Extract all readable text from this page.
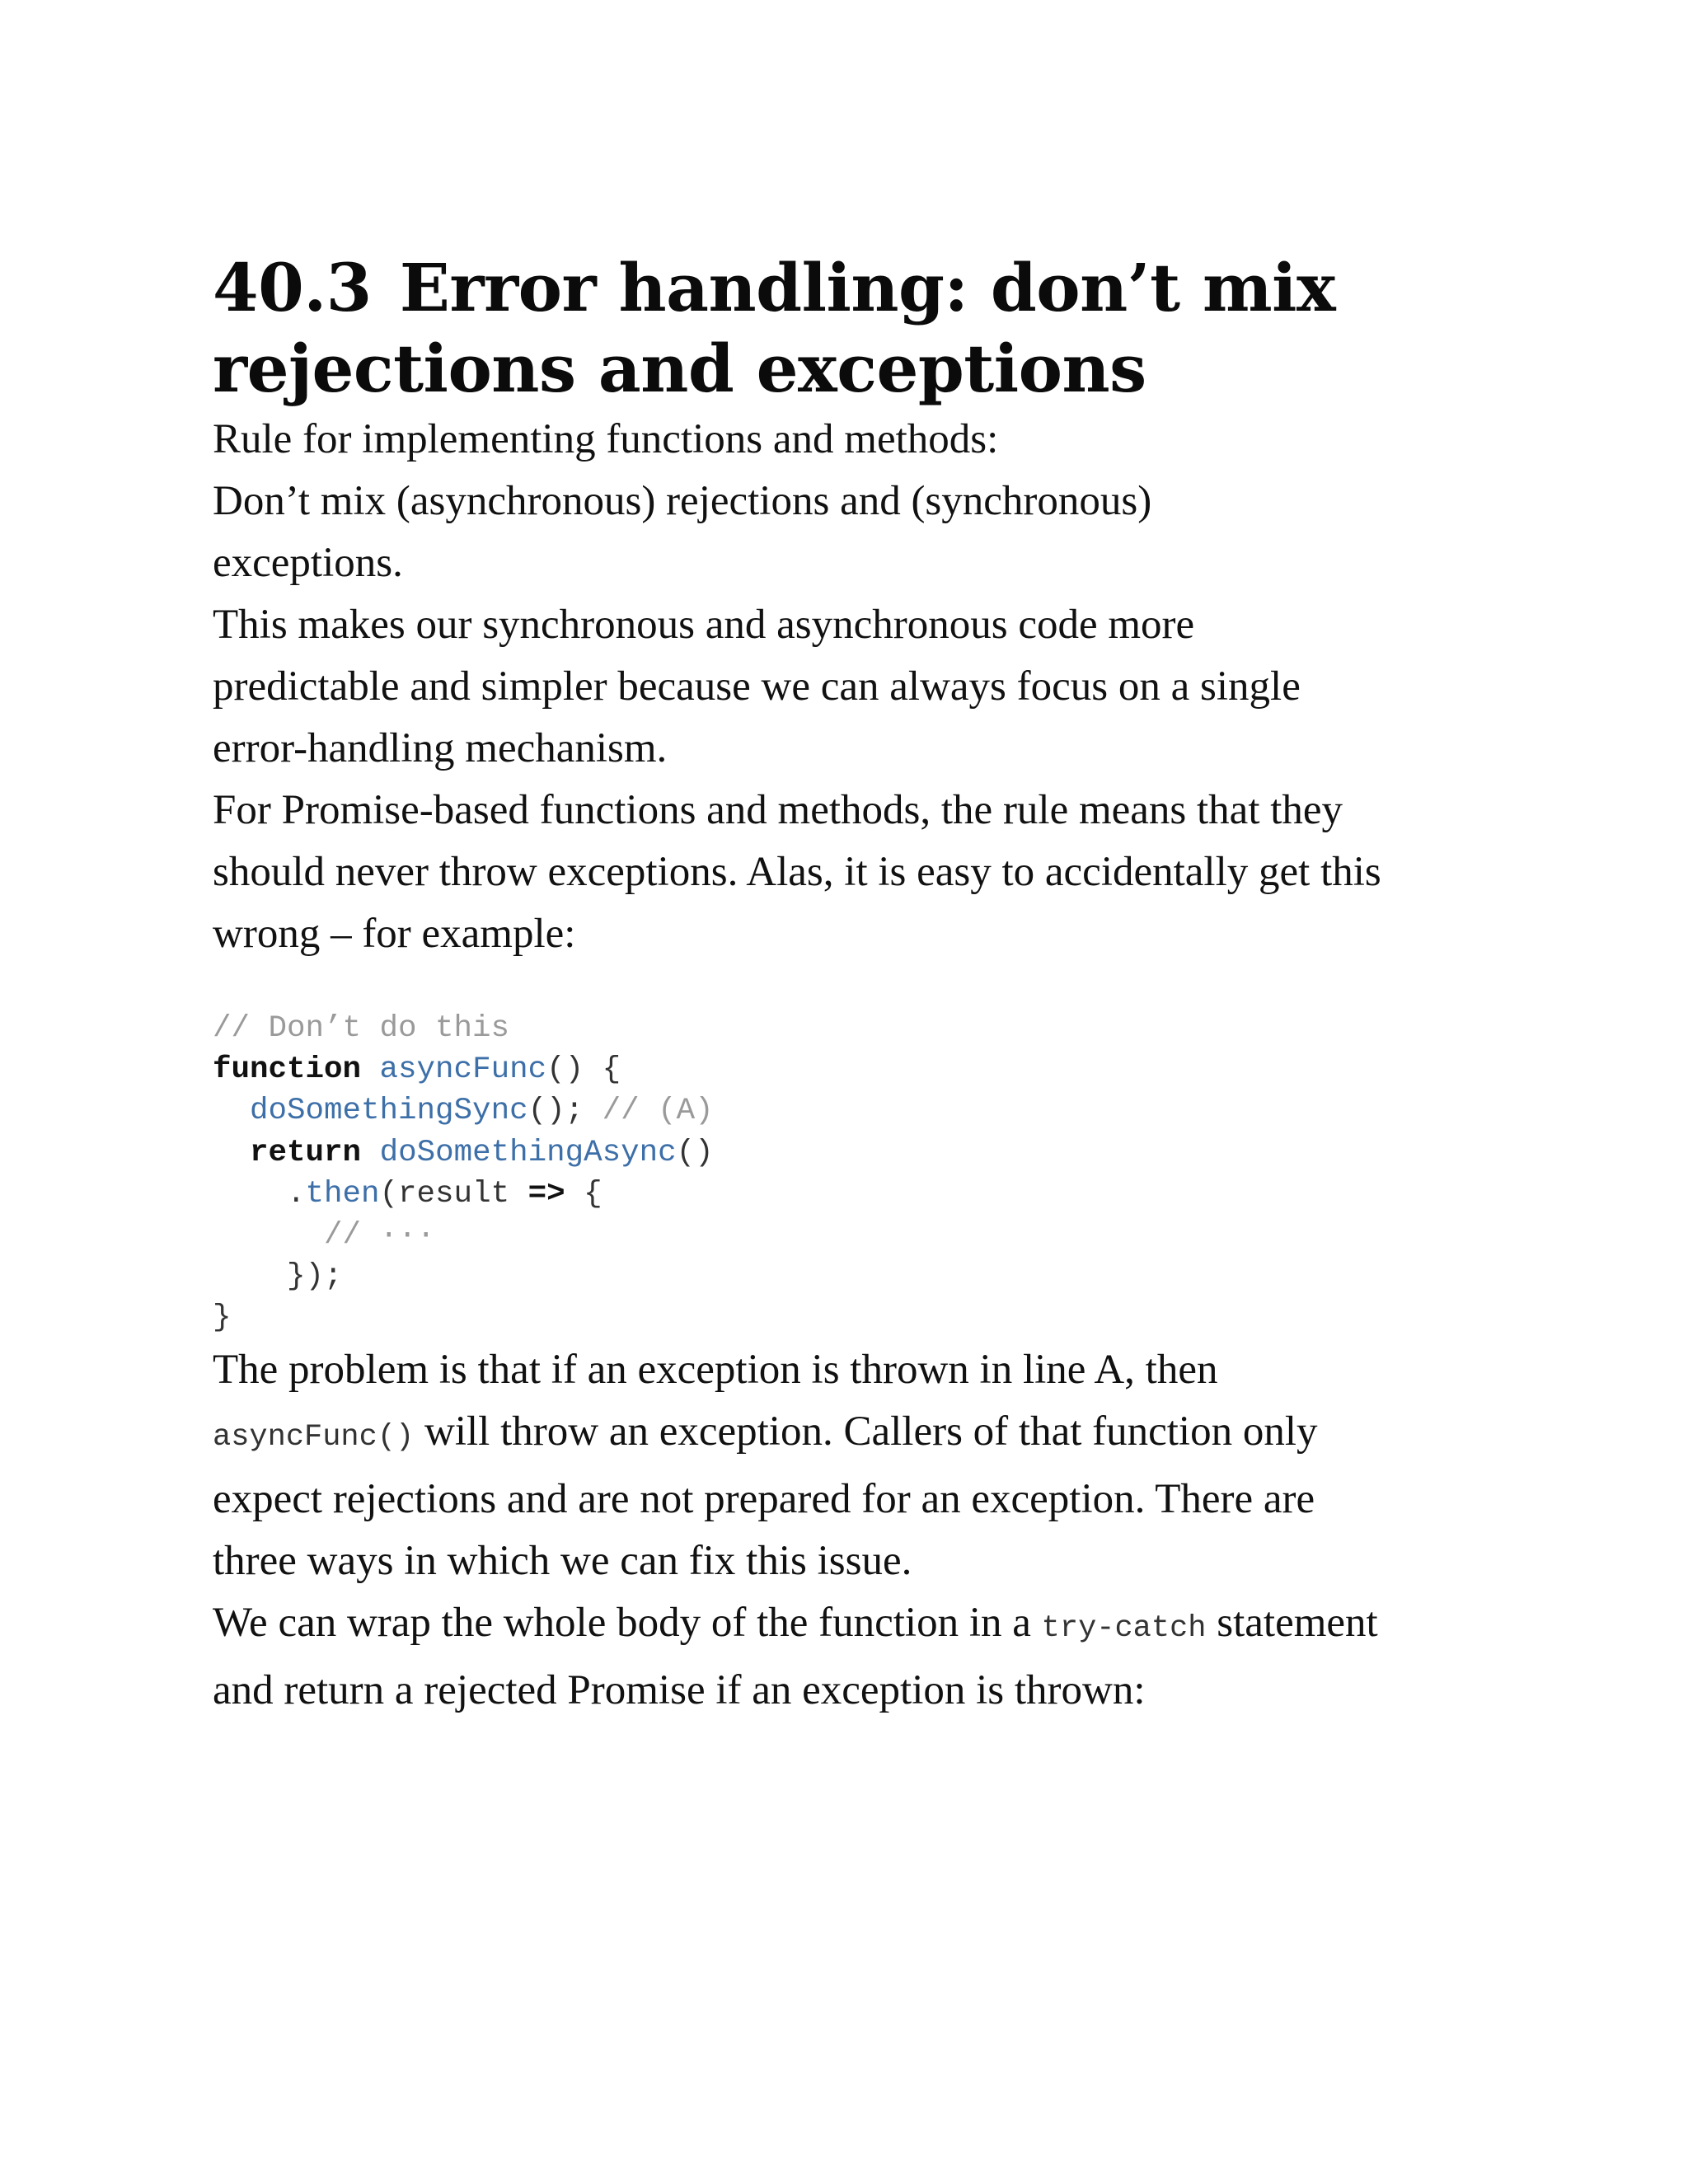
40.3 Error handling: don’t mix
rejections and exceptions

Rule for implementing functions and methods:

Don’t mix (asynchronous) rejections and (synchronous)
exceptions.

This makes our synchronous and asynchronous code more
predictable and simpler because we can always focus on a single
error-handling mechanism.

For Promise-based functions and methods, the rule means that they
should never throw exceptions. Alas, it is easy to accidentally get this
wrong – for example:

// Don’t do this
function asyncFunc() {
doSomethingSync(); // (A)
return doSomethingAsync()
.then(result => {
// ···
});
}

The problem is that if an exception is thrown in line A, then
asyncFunc() will throw an exception. Callers of that function only
expect rejections and are not prepared for an exception. There are
three ways in which we can fix this issue.

We can wrap the whole body of the function in a try-catch statement
and return a rejected Promise if an exception is thrown:
